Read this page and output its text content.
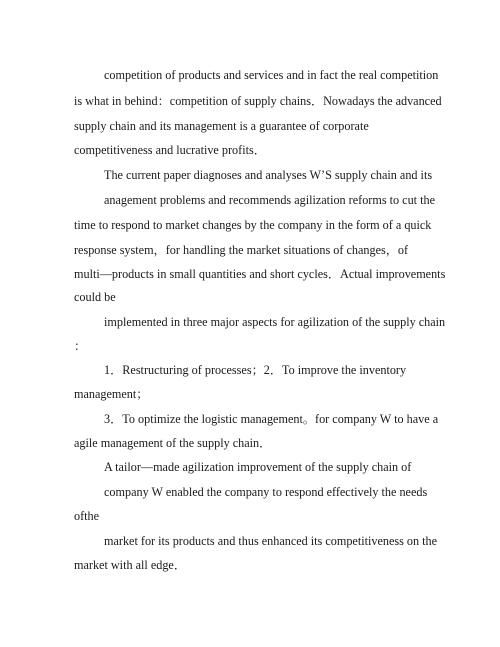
competition of products and services and in fact the real competition
is what in behind：competition of supply chains．Nowadays the advanced
supply chain and its management is a guarantee of corporate
competitiveness and lucrative profits．
The current paper diagnoses and analyses W’S supply chain and its
anagement problems and recommends agilization reforms to cut the
time to respond to market changes by the company in the form of a quick
response system，for handling the market situations of changes，of
multi—products in small quantities and short cycles．Actual improvements
could be
implemented in three major aspects for agilization of the supply chain
：
1．Restructuring of processes；2．To improve the inventory
management；
3．To optimize the logistic management。for company W to have a
agile management of the supply chain．
A tailor—made agilization improvement of the supply chain of
company W enabled the company to respond effectively the needs
ofthe
market for its products and thus enhanced its competitiveness on the
market with all edge．
